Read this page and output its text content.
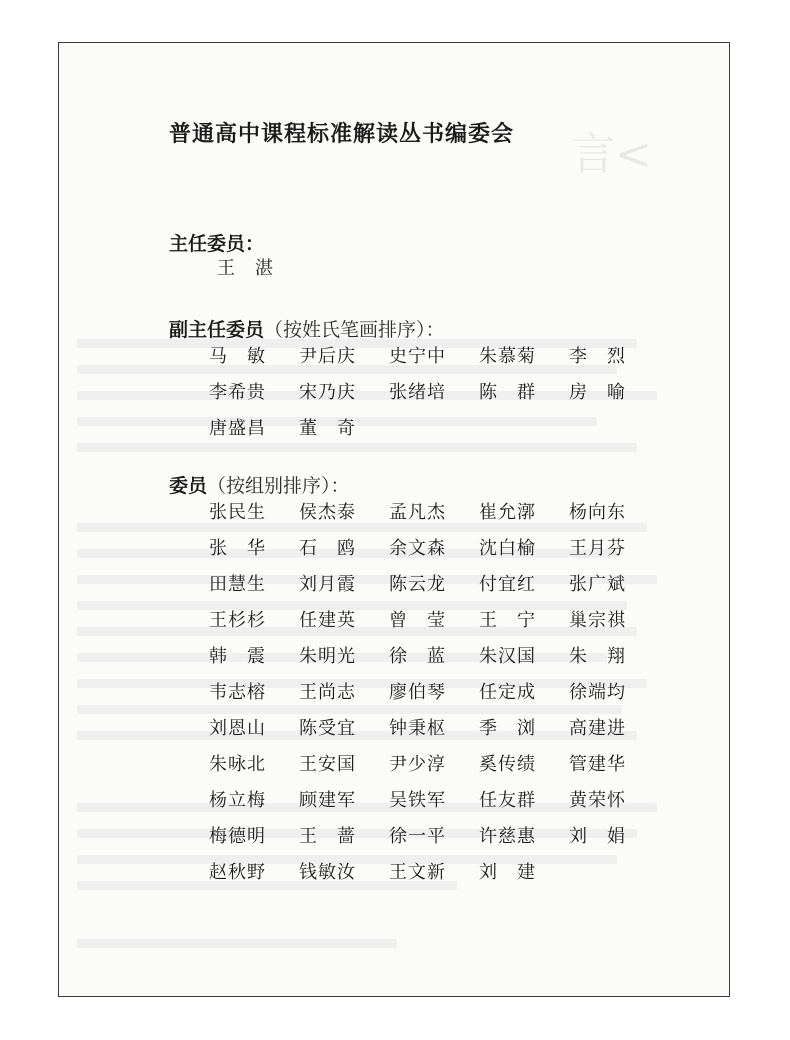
言<
普通高中课程标准解读丛书编委会
主任委员：
王　湛
副主任委员（按姓氏笔画排序）：
马　敏	尹后庆	史宁中	朱慕菊	李　烈
李希贵	宋乃庆	张绪培	陈　群	房　喻
唐盛昌	董　奇
委员（按组别排序）：
张民生	侯杰泰	孟凡杰	崔允漷	杨向东
张　华	石　鸥	余文森	沈白榆	王月芬
田慧生	刘月霞	陈云龙	付宜红	张广斌
王杉杉	任建英	曾　莹	王　宁	巢宗祺
韩　震	朱明光	徐　蓝	朱汉国	朱　翔
韦志榕	王尚志	廖伯琴	任定成	徐端均
刘恩山	陈受宜	钟秉枢	季　浏	高建进
朱咏北	王安国	尹少淳	奚传绩	管建华
杨立梅	顾建军	吴铁军	任友群	黄荣怀
梅德明	王　蔷	徐一平	许慈惠	刘　娟
赵秋野	钱敏汝	王文新	刘　建
